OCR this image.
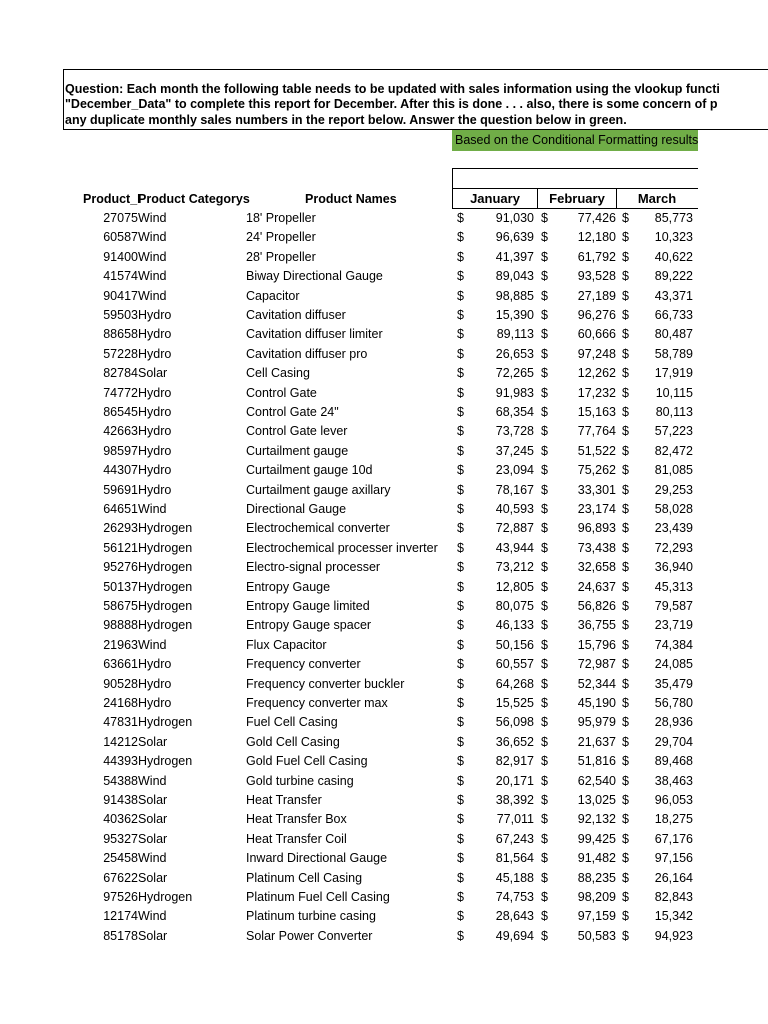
Question: Each month the following table needs to be updated with sales information using the vlookup functi
"December_Data" to complete this report for December. After this is done . . . also, there is some concern of p
any duplicate monthly sales numbers in the report below. Answer the question below in green.
Based on the Conditional Formatting results
January	February	March
Product_I
Product Categorys	Product Names
27075 Wind	18' Propeller	$	91,030 $	77,426 $	85,773
60587 Wind	24' Propeller	$	96,639 $	12,180 $	10,323
91400 Wind	28' Propeller	$	41,397 $	61,792 $	40,622
41574 Wind	Biway Directional Gauge	$	89,043 $	93,528 $	89,222
90417 Wind	Capacitor	$	98,885 $	27,189 $	43,371
59503 Hydro	Cavitation diffuser	$	15,390 $	96,276 $	66,733
88658 Hydro	Cavitation diffuser limiter	$	89,113 $	60,666 $	80,487
57228 Hydro	Cavitation diffuser pro	$	26,653 $	97,248 $	58,789
82784 Solar	Cell Casing	$	72,265 $	12,262 $	17,919
74772 Hydro	Control Gate	$	91,983 $	17,232 $	10,115
86545 Hydro	Control Gate 24"	$	68,354 $	15,163 $	80,113
42663 Hydro	Control Gate lever	$	73,728 $	77,764 $	57,223
98597 Hydro	Curtailment gauge	$	37,245 $	51,522 $	82,472
44307 Hydro	Curtailment gauge 10d	$	23,094 $	75,262 $	81,085
59691 Hydro	Curtailment gauge axillary	$	78,167 $	33,301 $	29,253
64651 Wind	Directional Gauge	$	40,593 $	23,174 $	58,028
26293 Hydrogen	Electrochemical converter	$	72,887 $	96,893 $	23,439
56121 Hydrogen	Electrochemical processer inverter $	43,944 $	73,438 $	72,293
95276 Hydrogen	Electro-signal processer	$	73,212 $	32,658 $	36,940
50137 Hydrogen	Entropy Gauge	$	12,805 $	24,637 $	45,313
58675 Hydrogen	Entropy Gauge limited	$	80,075 $	56,826 $	79,587
98888 Hydrogen	Entropy Gauge spacer	$	46,133 $	36,755 $	23,719
21963 Wind	Flux Capacitor	$	50,156 $	15,796 $	74,384
63661 Hydro	Frequency converter	$	60,557 $	72,987 $	24,085
90528 Hydro	Frequency converter buckler	$	64,268 $	52,344 $	35,479
24168 Hydro	Frequency converter max	$	15,525 $	45,190 $	56,780
47831 Hydrogen	Fuel Cell Casing	$	56,098 $	95,979 $	28,936
14212 Solar	Gold Cell Casing	$	36,652 $	21,637 $	29,704
44393 Hydrogen	Gold Fuel Cell Casing	$	82,917 $	51,816 $	89,468
54388 Wind	Gold turbine casing	$	20,171 $	62,540 $	38,463
91438 Solar	Heat Transfer	$	38,392 $	13,025 $	96,053
40362 Solar	Heat Transfer Box	$	77,011 $	92,132 $	18,275
95327 Solar	Heat Transfer Coil	$	67,243 $	99,425 $	67,176
25458 Wind	Inward Directional Gauge	$	81,564 $	91,482 $	97,156
67622 Solar	Platinum Cell Casing	$	45,188 $	88,235 $	26,164
97526 Hydrogen	Platinum Fuel Cell Casing	$	74,753 $	98,209 $	82,843
12174 Wind	Platinum turbine casing	$	28,643 $	97,159 $	15,342
85178 Solar	Solar Power Converter	$	49,694 $	50,583 $	94,923
